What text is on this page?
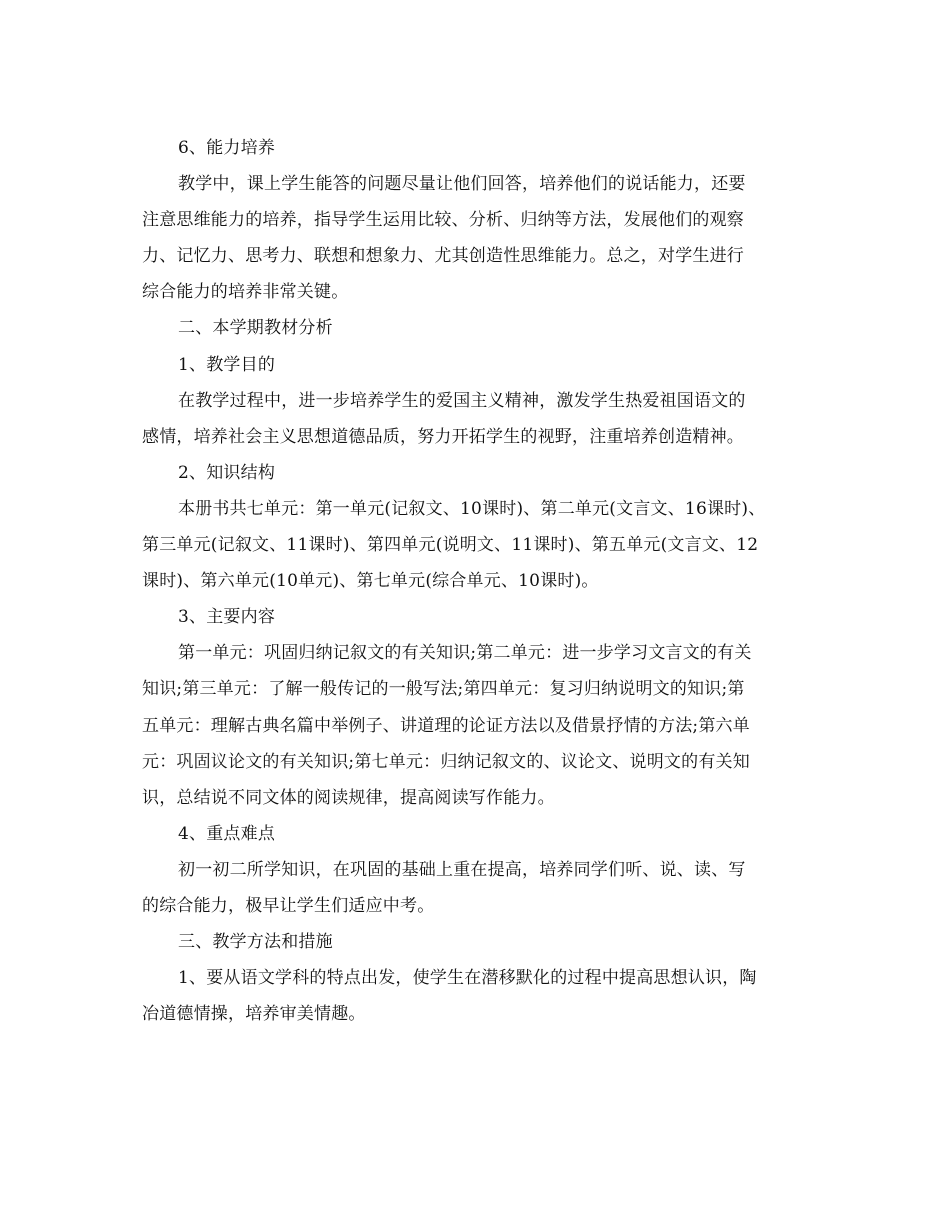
6、能力培养
教学中，课上学生能答的问题尽量让他们回答，培养他们的说话能力，还要
注意思维能力的培养，指导学生运用比较、分析、归纳等方法，发展他们的观察
力、记忆力、思考力、联想和想象力、尤其创造性思维能力。总之，对学生进行
综合能力的培养非常关键。
二、本学期教材分析
1、教学目的
在教学过程中，进一步培养学生的爱国主义精神，激发学生热爱祖国语文的
感情，培养社会主义思想道德品质，努力开拓学生的视野，注重培养创造精神。
2、知识结构
本册书共七单元：第一单元(记叙文、10课时)、第二单元(文言文、16课时)、
第三单元(记叙文、11课时)、第四单元(说明文、11课时)、第五单元(文言文、12
课时)、第六单元(10单元)、第七单元(综合单元、10课时)。
3、主要内容
第一单元：巩固归纳记叙文的有关知识;第二单元：进一步学习文言文的有关
知识;第三单元：了解一般传记的一般写法;第四单元：复习归纳说明文的知识;第
五单元：理解古典名篇中举例子、讲道理的论证方法以及借景抒情的方法;第六单
元：巩固议论文的有关知识;第七单元：归纳记叙文的、议论文、说明文的有关知
识，总结说不同文体的阅读规律，提高阅读写作能力。
4、重点难点
初一初二所学知识，在巩固的基础上重在提高，培养同学们听、说、读、写
的综合能力，极早让学生们适应中考。
三、教学方法和措施
1、要从语文学科的特点出发，使学生在潜移默化的过程中提高思想认识，陶
冶道德情操，培养审美情趣。
